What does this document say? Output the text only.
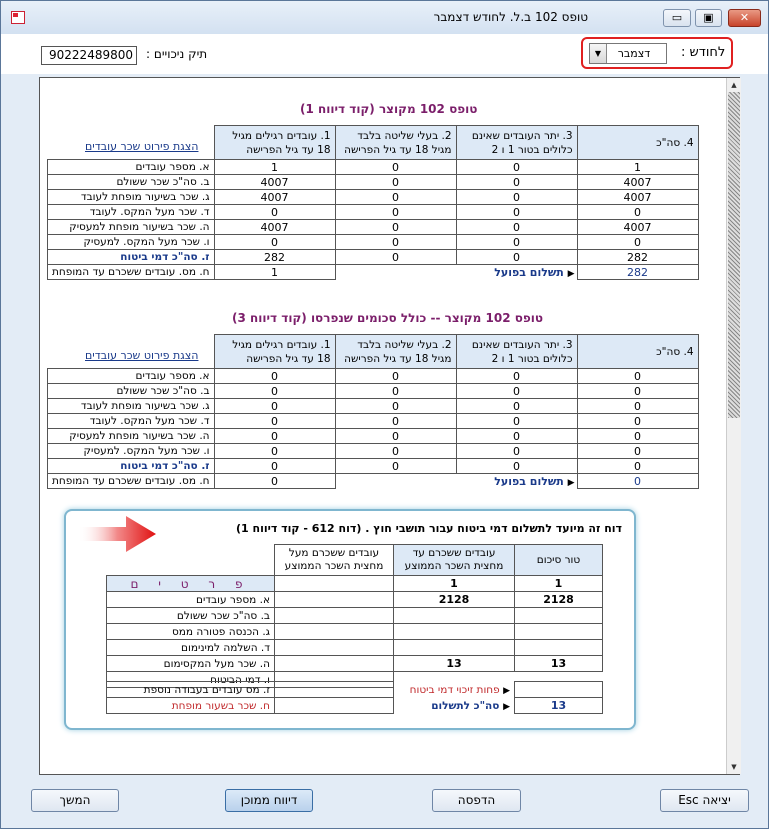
טופס 102 ב.ל. לחודש דצמבר	▭	▣	✕
90222489800	תיק ניכויים :	לחודש :
▼	דצמבר
טופס 102 מקוצר (קוד דיווח 1)
הצגת פירוט שכר עובדים
	1. עובדים רגילים מגיל 18 עד גיל הפרישה	2. בעלי שליטה בלבד מגיל 18 עד גיל הפרישה	3. יתר העובדים שאינם כלולים בטור 1 ו 2	4. סה"כ
א. מספר עובדים	1	0	0	1
ב. סה"כ שכר ששולם	4007	0	0	4007
ג. שכר בשיעור מופחת לעובד	4007	0	0	4007
ד. שכר מעל המקס. לעובד	0	0	0	0
ה. שכר בשיעור מופחת למעסיק	4007	0	0	4007
ו. שכר מעל המקס. למעסיק	0	0	0	0
ז. סה"כ דמי ביטוח	282	0	0	282
ח. מס. עובדים ששכרם עד המופחת	1		▶ תשלום בפועל	282
טופס 102 מקוצר -- כולל סכומים שנפרסו (קוד דיווח 3)
הצגת פירוט שכר עובדים
	1. עובדים רגילים מגיל 18 עד גיל הפרישה	2. בעלי שליטה בלבד מגיל 18 עד גיל הפרישה	3. יתר העובדים שאינם כלולים בטור 1 ו 2	4. סה"כ
א. מספר עובדים	0	0	0	0
ב. סה"כ שכר ששולם	0	0	0	0
ג. שכר בשיעור מופחת לעובד	0	0	0	0
ד. שכר מעל המקס. לעובד	0	0	0	0
ה. שכר בשיעור מופחת למעסיק	0	0	0	0
ו. שכר מעל המקס. למעסיק	0	0	0	0
ז. סה"כ דמי ביטוח	0	0	0	0
ח. מס. עובדים ששכרם עד המופחת	0		▶ תשלום בפועל	0
▲
▼
דוח זה מיועד לתשלום דמי ביטוח עבור תושבי חוץ . (דוח 612 - קוד דיווח 1)
	עובדים ששכרם מעל מחצית השכר הממוצע	עובדים ששכרם עד מחצית השכר הממוצע	טור סיכום
פ ר ט י ם		1	1
א. מספר עובדים		2128	2128
ב. סה"כ שכר ששולם			
ג. הכנסה פטורה ממס			
ד. השלמה למינימום			
ה. שכר מעל המקסימום		13	13
ו. דמי הביטוח			
ז. מס עובדים בעבודה נוספת		▶ פחות זיכוי דמי ביטוח	
ח. שכר בשעור מופחת		▶ סה"כ לתשלום	13
המשך	דיווח ממוכן	הדפסה	יציאה Esc
